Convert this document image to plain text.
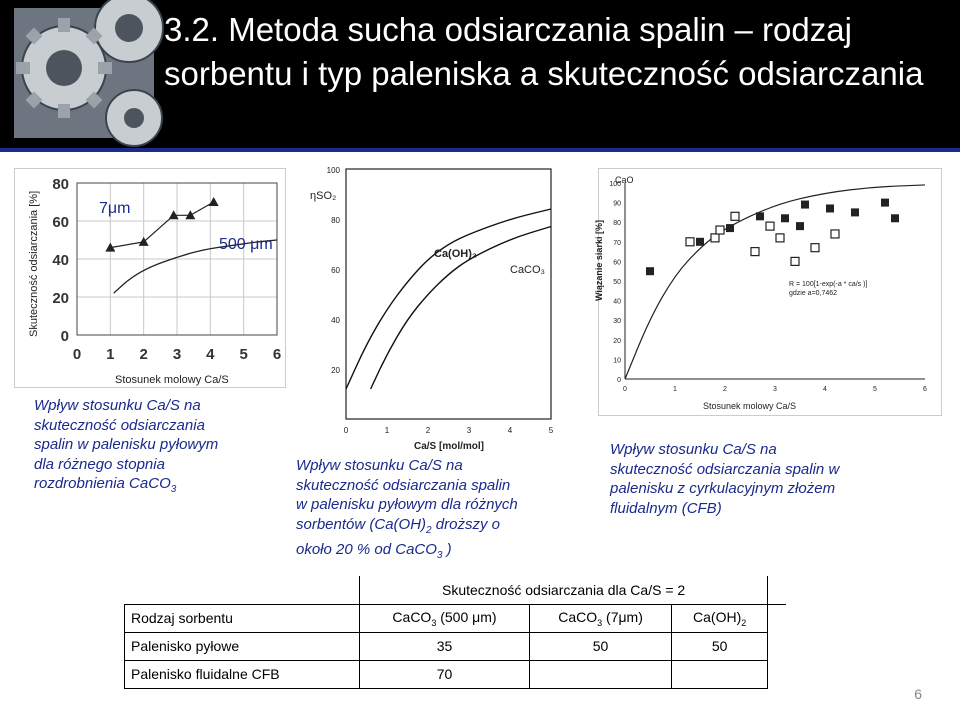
3.2. Metoda sucha odsiarczania spalin – rodzaj sorbentu i typ paleniska a skuteczność odsiarczania
Skuteczność odsiarczania [%]
80
60
40
20
0
0 1 2 3 4 5 6
7μm
500 μm
Stosunek molowy Ca/S
ηSO₂
100
80
60
40
20
0	1	2	3	4	5
Ca(OH)₂
CaCO₃
Ca/S [mol/mol]
Wiązanie siarki [%]
CaO
100
90
80
70
60
50
40
30
20
10
0
0	1	2	3	4	5	6
R = 100[1-exp(-a * ca/s )]
gdzie a=0,7462
Stosunek molowy Ca/S
Wpływ stosunku Ca/S na
skuteczność odsiarczania
spalin w palenisku pyłowym
dla różnego stopnia
rozdrobnienia CaCO$_3$
Wpływ stosunku Ca/S na
skuteczność odsiarczania spalin
w palenisku pyłowym dla różnych
sorbentów ($Ca(OH)_2$ droższy o
około 20 % od CaCO$_3$ )
Wpływ stosunku Ca/S na
skuteczność odsiarczania spalin w
palenisku z cyrkulacyjnym złożem
fluidalnym (CFB)
	Skuteczność odsiarczania dla Ca/S = 2			
Rodzaj sorbentu	CaCO$_3$ (500 μm)	CaCO$_3$ (7μm)	$Ca(OH)_2$
Palenisko pyłowe	35	50	50	
Palenisko fluidalne CFB	70			
6
